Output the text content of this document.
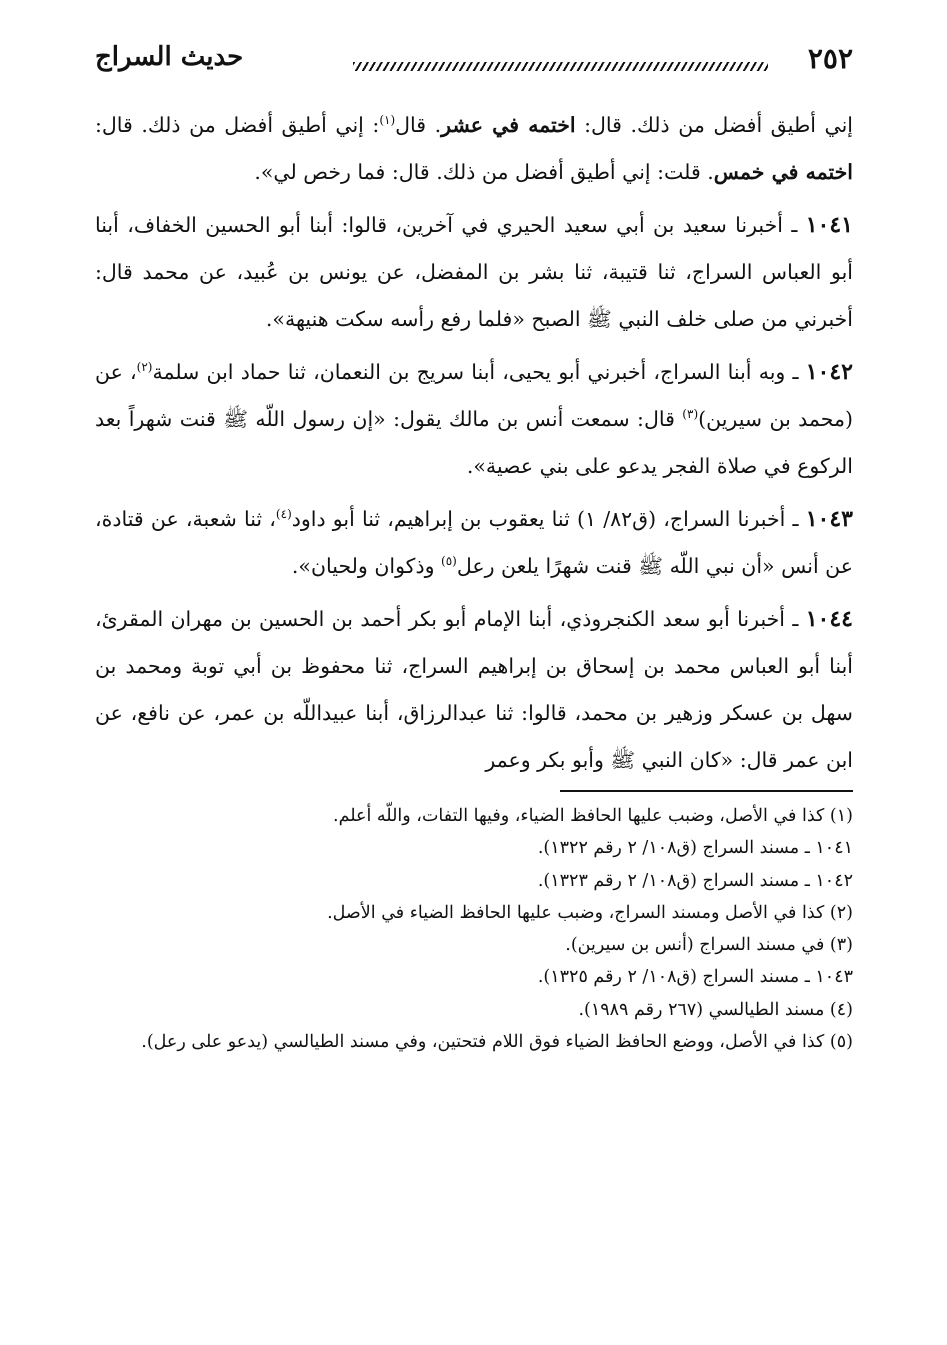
٢٥٢
حديث السراج

إني أطيق أفضل من ذلك. قال: اختمه في عشر. قال$^{(١)}$: إني أطيق أفضل من ذلك. قال: اختمه في خمس. قلت: إني أطيق أفضل من ذلك. قال: فما رخص لي».

١٠٤١ ـ أخبرنا سعيد بن أبي سعيد الحيري في آخرين، قالوا: أبنا أبو الحسين الخفاف، أبنا أبو العباس السراج، ثنا قتيبة، ثنا بشر بن المفضل، عن يونس بن عُبيد، عن محمد قال: أخبرني من صلى خلف النبي ﷺ الصبح «فلما رفع رأسه سكت هنيهة».

١٠٤٢ ـ وبه أبنا السراج، أخبرني أبو يحيى، أبنا سريج بن النعمان، ثنا حماد ابن سلمة$^{(٢)}$، عن (محمد بن سيرين)$^{(٣)}$ قال: سمعت أنس بن مالك يقول: «إن رسول اللّه ﷺ قنت شهراً بعد الركوع في صلاة الفجر يدعو على بني عصية».

١٠٤٣ ـ أخبرنا السراج، (ق٨٢/ ١) ثنا يعقوب بن إبراهيم، ثنا أبو داود$^{(٤)}$، ثنا شعبة، عن قتادة، عن أنس «أن نبي اللّه ﷺ قنت شهرًا يلعن رعل$^{(٥)}$ وذكوان ولحيان».

١٠٤٤ ـ أخبرنا أبو سعد الكنجروذي، أبنا الإمام أبو بكر أحمد بن الحسين بن مهران المقرئ، أبنا أبو العباس محمد بن إسحاق بن إبراهيم السراج، ثنا محفوظ بن أبي توبة ومحمد بن سهل بن عسكر وزهير بن محمد، قالوا: ثنا عبدالرزاق، أبنا عبيداللّه بن عمر، عن نافع، عن ابن عمر قال: «كان النبي ﷺ وأبو بكر وعمر

(١) كذا في الأصل، وضبب عليها الحافظ الضياء، وفيها التفات، واللّه أعلم.

١٠٤١ ـ مسند السراج (ق١٠٨/ ٢ رقم ١٣٢٢).

١٠٤٢ ـ مسند السراج (ق١٠٨/ ٢ رقم ١٣٢٣).

(٢) كذا في الأصل ومسند السراج، وضبب عليها الحافظ الضياء في الأصل.

(٣) في مسند السراج (أنس بن سيرين).

١٠٤٣ ـ مسند السراج (ق١٠٨/ ٢ رقم ١٣٢٥).

(٤) مسند الطيالسي (٢٦٧ رقم ١٩٨٩).

(٥) كذا في الأصل، ووضع الحافظ الضياء فوق اللام فتحتين، وفي مسند الطيالسي (يدعو على رعل).
